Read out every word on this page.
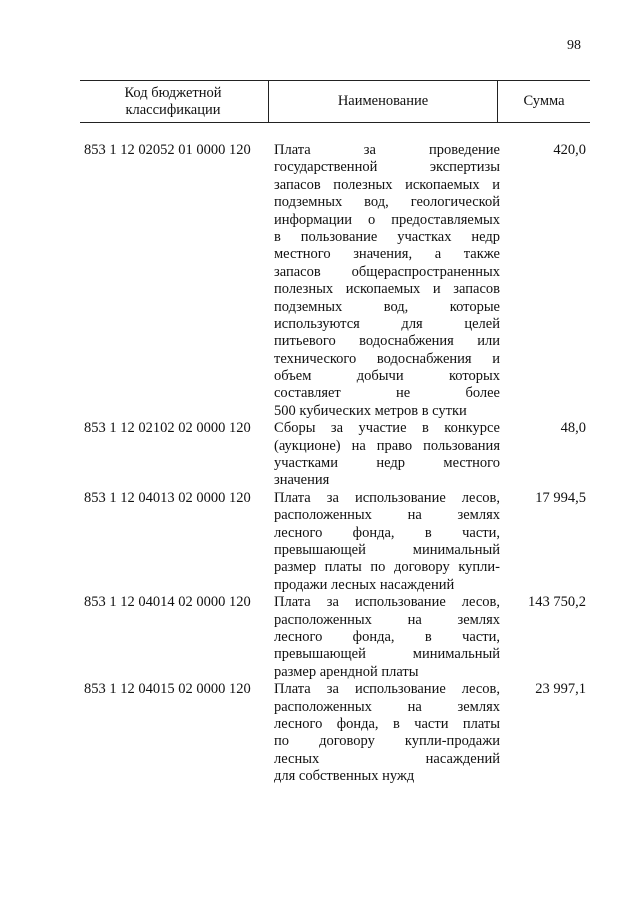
98
Код бюджетной классификации
Наименование	Сумма
853 1 12 02052 01 0000 120 Плата за проведение
государственной экспертизы
запасов полезных ископаемых и
подземных вод, геологической
информации о предоставляемых
в пользование участках недр
местного значения, а также
запасов общераспространенных
полезных ископаемых и запасов
подземных вод, которые
используются для целей
питьевого водоснабжения или
технического водоснабжения и
объем добычи которых
составляет не более
500 кубических метров в сутки
420,0
853 1 12 02102 02 0000 120 Сборы за участие в конкурсе
(аукционе) на право пользования
участками недр местного
значения
48,0
853 1 12 04013 02 0000 120 Плата за использование лесов,
расположенных на землях
лесного фонда, в части,
превышающей минимальный
размер платы по договору купли-
продажи лесных насаждений
17 994,5
853 1 12 04014 02 0000 120 Плата за использование лесов,
расположенных на землях
лесного фонда, в части,
превышающей минимальный
размер арендной платы
143 750,2
853 1 12 04015 02 0000 120 Плата за использование лесов,
расположенных на землях
лесного фонда, в части платы
по договору купли-продажи
лесных насаждений
для собственных нужд
23 997,1
